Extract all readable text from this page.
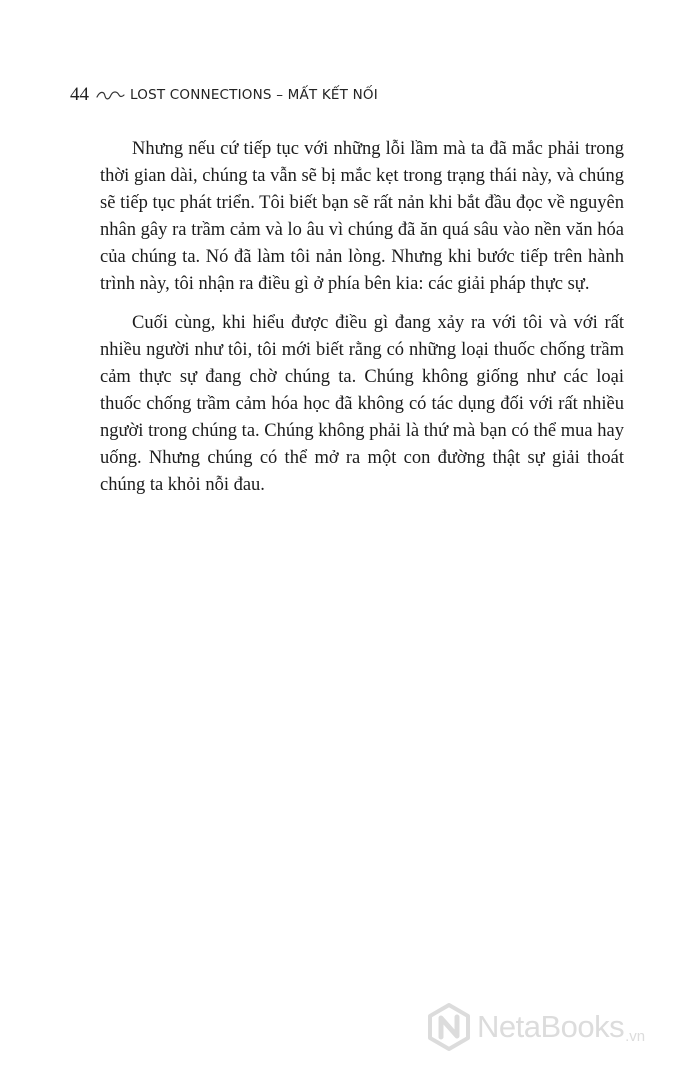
44	LOST CONNECTIONS – MẤT KẾT NỐI

Nhưng nếu cứ tiếp tục với những lỗi lầm mà ta đã mắc phải trong thời gian dài, chúng ta vẫn sẽ bị mắc kẹt trong trạng thái này, và chúng sẽ tiếp tục phát triển. Tôi biết bạn sẽ rất nản khi bắt đầu đọc về nguyên nhân gây ra trầm cảm và lo âu vì chúng đã ăn quá sâu vào nền văn hóa của chúng ta. Nó đã làm tôi nản lòng. Nhưng khi bước tiếp trên hành trình này, tôi nhận ra điều gì ở phía bên kia: các giải pháp thực sự.

Cuối cùng, khi hiểu được điều gì đang xảy ra với tôi và với rất nhiều người như tôi, tôi mới biết rằng có những loại thuốc chống trầm cảm thực sự đang chờ chúng ta. Chúng không giống như các loại thuốc chống trầm cảm hóa học đã không có tác dụng đối với rất nhiều người trong chúng ta. Chúng không phải là thứ mà bạn có thể mua hay uống. Nhưng chúng có thể mở ra một con đường thật sự giải thoát chúng ta khỏi nỗi đau.

NetaBooks .vn
